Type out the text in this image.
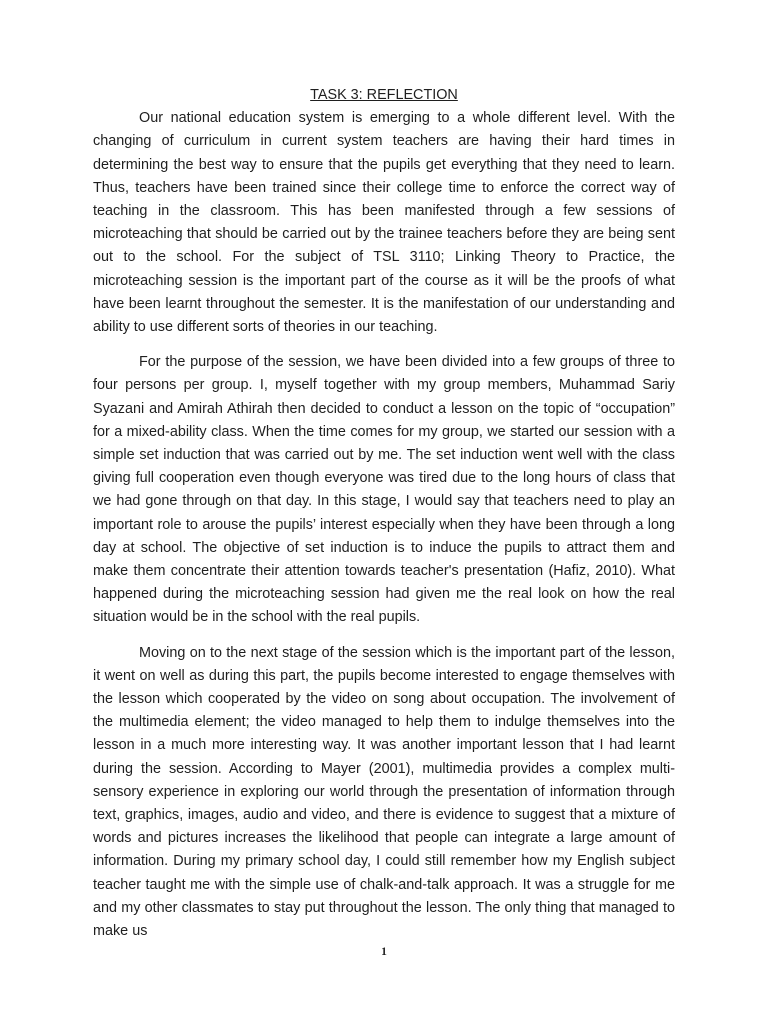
TASK 3: REFLECTION

Our national education system is emerging to a whole different level. With the changing of curriculum in current system teachers are having their hard times in determining the best way to ensure that the pupils get everything that they need to learn. Thus, teachers have been trained since their college time to enforce the correct way of teaching in the classroom. This has been manifested through a few sessions of microteaching that should be carried out by the trainee teachers before they are being sent out to the school. For the subject of TSL 3110; Linking Theory to Practice, the microteaching session is the important part of the course as it will be the proofs of what have been learnt throughout the semester. It is the manifestation of our understanding and ability to use different sorts of theories in our teaching.

For the purpose of the session, we have been divided into a few groups of three to four persons per group. I, myself together with my group members, Muhammad Sariy Syazani and Amirah Athirah then decided to conduct a lesson on the topic of “occupation” for a mixed-ability class. When the time comes for my group, we started our session with a simple set induction that was carried out by me. The set induction went well with the class giving full cooperation even though everyone was tired due to the long hours of class that we had gone through on that day. In this stage, I would say that teachers need to play an important role to arouse the pupils’ interest especially when they have been through a long day at school. The objective of set induction is to induce the pupils to attract them and make them concentrate their attention towards teacher's presentation (Hafiz, 2010). What happened during the microteaching session had given me the real look on how the real situation would be in the school with the real pupils.

Moving on to the next stage of the session which is the important part of the lesson, it went on well as during this part, the pupils become interested to engage themselves with the lesson which cooperated by the video on song about occupation. The involvement of the multimedia element; the video managed to help them to indulge themselves into the lesson in a much more interesting way. It was another important lesson that I had learnt during the session. According to Mayer (2001), multimedia provides a complex multi-sensory experience in exploring our world through the presentation of information through text, graphics, images, audio and video, and there is evidence to suggest that a mixture of words and pictures increases the likelihood that people can integrate a large amount of information. During my primary school day, I could still remember how my English subject teacher taught me with the simple use of chalk-and-talk approach. It was a struggle for me and my other classmates to stay put throughout the lesson. The only thing that managed to make us

1
